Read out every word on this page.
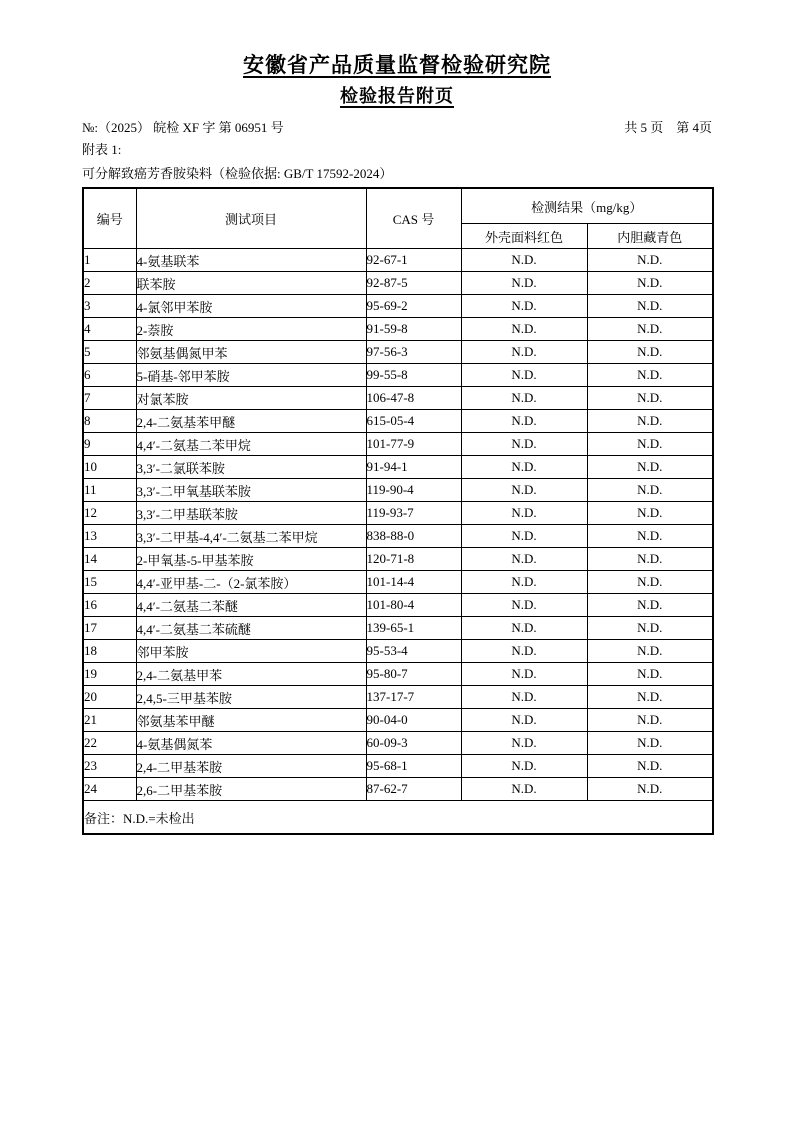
安徽省产品质量监督检验研究院
检验报告附页
№:（2025） 皖检 XF 字 第 06951 号	共 5 页　第 4页
附表 1:
可分解致癌芳香胺染料（检验依据: GB/T 17592-2024）
编号	测试项目	CAS 号	检测结果（mg/kg）	
			外壳面料红色	内胆藏青色
1	4-氨基联苯	92-67-1	N.D.	N.D.
2	联苯胺	92-87-5	N.D.	N.D.
3	4-氯邻甲苯胺	95-69-2	N.D.	N.D.
4	2-萘胺	91-59-8	N.D.	N.D.
5	邻氨基偶氮甲苯	97-56-3	N.D.	N.D.
6	5-硝基-邻甲苯胺	99-55-8	N.D.	N.D.
7	对氯苯胺	106-47-8	N.D.	N.D.
8	2,4-二氨基苯甲醚	615-05-4	N.D.	N.D.
9	4,4′-二氨基二苯甲烷	101-77-9	N.D.	N.D.
10	3,3′-二氯联苯胺	91-94-1	N.D.	N.D.
11	3,3′-二甲氧基联苯胺	119-90-4	N.D.	N.D.
12	3,3′-二甲基联苯胺	119-93-7	N.D.	N.D.
13	3,3′-二甲基-4,4′-二氨基二苯甲烷	838-88-0	N.D.	N.D.
14	2-甲氧基-5-甲基苯胺	120-71-8	N.D.	N.D.
15	4,4′-亚甲基-二-（2-氯苯胺）	101-14-4	N.D.	N.D.
16	4,4′-二氨基二苯醚	101-80-4	N.D.	N.D.
17	4,4′-二氨基二苯硫醚	139-65-1	N.D.	N.D.
18	邻甲苯胺	95-53-4	N.D.	N.D.
19	2,4-二氨基甲苯	95-80-7	N.D.	N.D.
20	2,4,5-三甲基苯胺	137-17-7	N.D.	N.D.
21	邻氨基苯甲醚	90-04-0	N.D.	N.D.
22	4-氨基偶氮苯	60-09-3	N.D.	N.D.
23	2,4-二甲基苯胺	95-68-1	N.D.	N.D.
24	2,6-二甲基苯胺	87-62-7	N.D.	N.D.
备注：N.D.=未检出				
